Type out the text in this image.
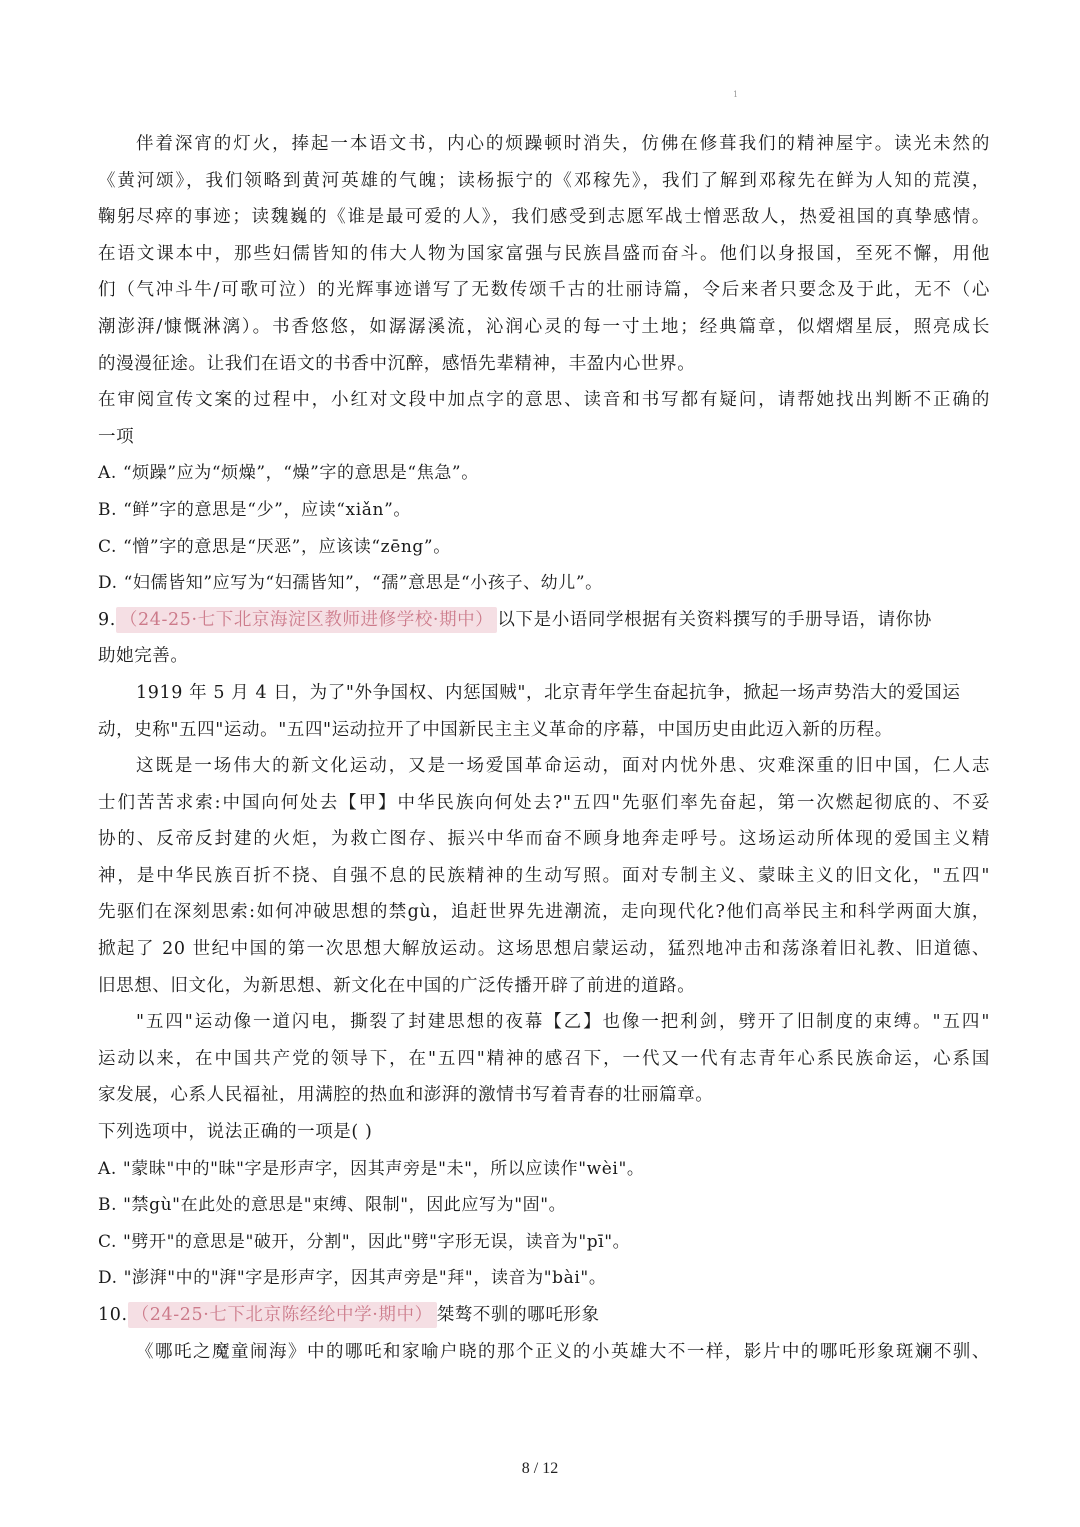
1
伴着深宵的灯火，捧起一本语文书，内心的烦躁顿时消失，仿佛在修葺我们的精神屋宇。读光未然的
《黄河颂》，我们领略到黄河英雄的气魄；读杨振宁的《邓稼先》，我们了解到邓稼先在鲜为人知的荒漠，
鞠躬尽瘁的事迹；读魏巍的《谁是最可爱的人》，我们感受到志愿军战士憎恶敌人，热爱祖国的真挚感情。
在语文课本中，那些妇儒皆知的伟大人物为国家富强与民族昌盛而奋斗。他们以身报国，至死不懈，用他
们（气冲斗牛/可歌可泣）的光辉事迹谱写了无数传颂千古的壮丽诗篇，令后来者只要念及于此，无不（心
潮澎湃/慷慨淋漓）。书香悠悠，如潺潺溪流，沁润心灵的每一寸土地；经典篇章，似熠熠星辰，照亮成长
的漫漫征途。让我们在语文的书香中沉醉，感悟先辈精神，丰盈内心世界。
在审阅宣传文案的过程中，小红对文段中加点字的意思、读音和书写都有疑问，请帮她找出判断不正确的
一项
A. “烦躁”应为“烦燥”，“燥”字的意思是“焦急”。
B. “鲜”字的意思是“少”，应读“xiǎn”。
C. “憎”字的意思是“厌恶”，应该读“zēng”。
D. “妇儒皆知”应写为“妇孺皆知”，“孺”意思是“小孩子、幼儿”。
9. （24-25·七下北京海淀区教师进修学校·期中） 以下是小语同学根据有关资料撰写的手册导语，请你协
助她完善。
1919 年 5 月 4 日，为了"外争国权、内惩国贼"，北京青年学生奋起抗争，掀起一场声势浩大的爱国运
动，史称"五四"运动。"五四"运动拉开了中国新民主主义革命的序幕，中国历史由此迈入新的历程。
这既是一场伟大的新文化运动，又是一场爱国革命运动，面对内忧外患、灾难深重的旧中国，仁人志
士们苦苦求索:中国向何处去【甲】中华民族向何处去?"五四"先驱们率先奋起，第一次燃起彻底的、不妥
协的、反帝反封建的火炬，为救亡图存、振兴中华而奋不顾身地奔走呼号。这场运动所体现的爱国主义精
神，是中华民族百折不挠、自强不息的民族精神的生动写照。面对专制主义、蒙昧主义的旧文化，"五四"
先驱们在深刻思索:如何冲破思想的禁gù，追赶世界先进潮流，走向现代化?他们高举民主和科学两面大旗，
掀起了 20 世纪中国的第一次思想大解放运动。这场思想启蒙运动，猛烈地冲击和荡涤着旧礼教、旧道德、
旧思想、旧文化，为新思想、新文化在中国的广泛传播开辟了前进的道路。
"五四"运动像一道闪电，撕裂了封建思想的夜幕【乙】也像一把利剑，劈开了旧制度的束缚。"五四"
运动以来，在中国共产党的领导下，在"五四"精神的感召下，一代又一代有志青年心系民族命运，心系国
家发展，心系人民福祉，用满腔的热血和澎湃的激情书写着青春的壮丽篇章。
下列选项中，说法正确的一项是( )
A. "蒙昧"中的"昧"字是形声字，因其声旁是"未"，所以应读作"wèi"。
B. "禁gù"在此处的意思是"束缚、限制"，因此应写为"固"。
C. "劈开"的意思是"破开，分割"，因此"劈"字形无误，读音为"pī"。
D. "澎湃"中的"湃"字是形声字，因其声旁是"拜"，读音为"bài"。
10. （24-25·七下北京陈经纶中学·期中） 桀骜不驯的哪吒形象
《哪吒之魔童闹海》中的哪吒和家喻户晓的那个正义的小英雄大不一样，影片中的哪吒形象斑斓不驯、
8 / 12
